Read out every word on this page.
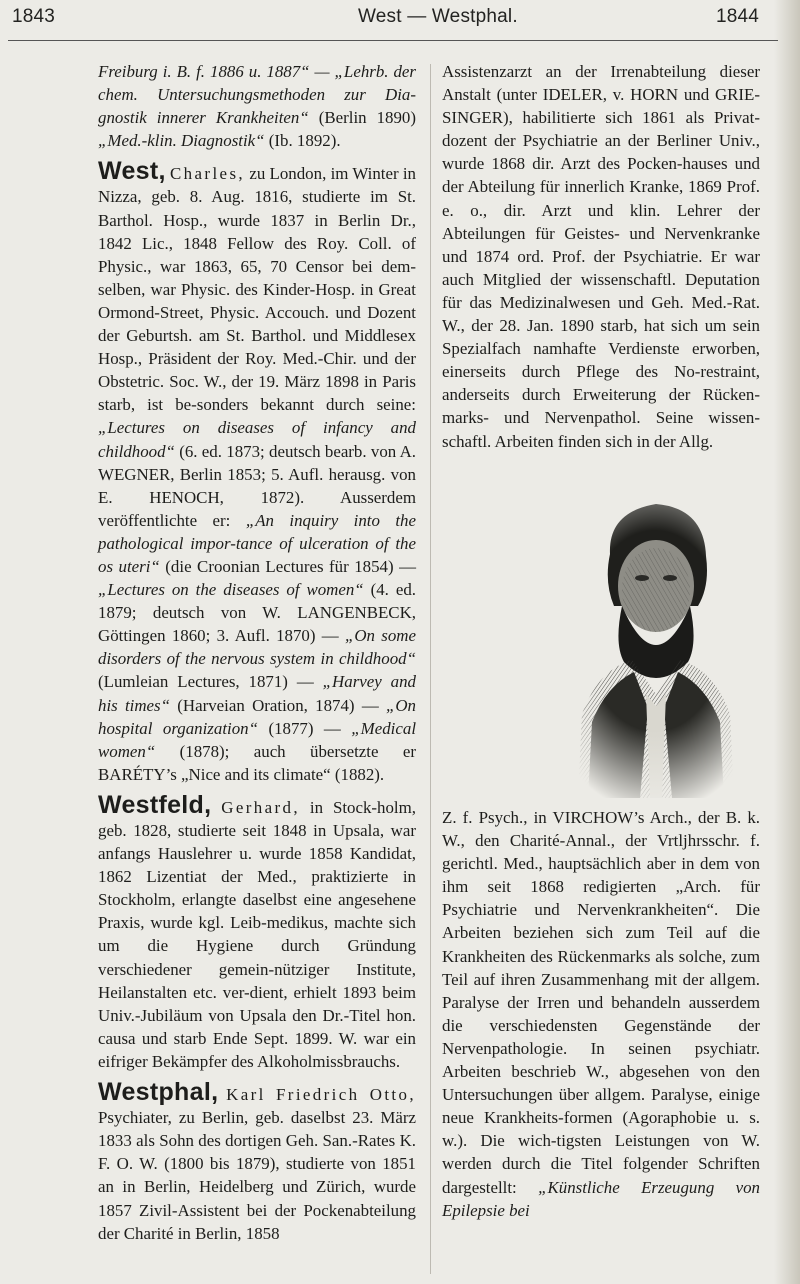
1843	West — Westphal.	1844

Freiburg i. B. f. 1886 u. 1887“ — „Lehrb. der chem. Untersuchungsmethoden zur Dia-gnostik innerer Krankheiten“ (Berlin 1890) „Med.-klin. Diagnostik“ (Ib. 1892).

West, Charles, zu London, im Winter in Nizza, geb. 8. Aug. 1816, studierte im St. Barthol. Hosp., wurde 1837 in Berlin Dr., 1842 Lic., 1848 Fellow des Roy. Coll. of Physic., war 1863, 65, 70 Censor bei dem-selben, war Physic. des Kinder-Hosp. in Great Ormond-Street, Physic. Accouch. und Dozent der Geburtsh. am St. Barthol. und Middlesex Hosp., Präsident der Roy. Med.-Chir. und der Obstetric. Soc. W., der 19. März 1898 in Paris starb, ist be-sonders bekannt durch seine: „Lectures on diseases of infancy and childhood“ (6. ed. 1873; deutsch bearb. von A. WEGNER, Berlin 1853; 5. Aufl. herausg. von E. HENOCH, 1872). Ausserdem veröffentlichte er: „An inquiry into the pathological impor-tance of ulceration of the os uteri“ (die Croonian Lectures für 1854) — „Lectures on the diseases of women“ (4. ed. 1879; deutsch von W. LANGENBECK, Göttingen 1860; 3. Aufl. 1870) — „On some disorders of the nervous system in childhood“ (Lumleian Lectures, 1871) — „Harvey and his times“ (Harveian Oration, 1874) — „On hospital organization“ (1877) — „Medical women“ (1878); auch übersetzte er BARÉTY’s „Nice and its climate“ (1882).

Westfeld, Gerhard, in Stock-holm, geb. 1828, studierte seit 1848 in Upsala, war anfangs Hauslehrer u. wurde 1858 Kandidat, 1862 Lizentiat der Med., praktizierte in Stockholm, erlangte daselbst eine angesehene Praxis, wurde kgl. Leib-medikus, machte sich um die Hygiene durch Gründung verschiedener gemein-nütziger Institute, Heilanstalten etc. ver-dient, erhielt 1893 beim Univ.-Jubiläum von Upsala den Dr.-Titel hon. causa und starb Ende Sept. 1899. W. war ein eifriger Bekämpfer des Alkoholmissbrauchs.

Westphal, Karl Friedrich Otto, Psychiater, zu Berlin, geb. daselbst 23. März 1833 als Sohn des dortigen Geh. San.-Rates K. F. O. W. (1800 bis 1879), studierte von 1851 an in Berlin, Heidelberg und Zürich, wurde 1857 Zivil-Assistent bei der Pockenabteilung der Charité in Berlin, 1858

Assistenzarzt an der Irrenabteilung dieser Anstalt (unter IDELER, v. HORN und GRIE-SINGER), habilitierte sich 1861 als Privat-dozent der Psychiatrie an der Berliner Univ., wurde 1868 dir. Arzt des Pocken-hauses und der Abteilung für innerlich Kranke, 1869 Prof. e. o., dir. Arzt und klin. Lehrer der Abteilungen für Geistes- und Nervenkranke und 1874 ord. Prof. der Psychiatrie. Er war auch Mitglied der wissenschaftl. Deputation für das Medizinalwesen und Geh. Med.-Rat. W., der 28. Jan. 1890 starb, hat sich um sein Spezialfach namhafte Verdienste erworben, einerseits durch Pflege des No-restraint, anderseits durch Erweiterung der Rücken-marks- und Nervenpathol. Seine wissen-schaftl. Arbeiten finden sich in der Allg.

Z. f. Psych., in VIRCHOW’s Arch., der B. k. W., den Charité-Annal., der Vrtljhrsschr. f. gerichtl. Med., hauptsächlich aber in dem von ihm seit 1868 redigierten „Arch. für Psychiatrie und Nervenkrankheiten“. Die Arbeiten beziehen sich zum Teil auf die Krankheiten des Rückenmarks als solche, zum Teil auf ihren Zusammenhang mit der allgem. Paralyse der Irren und behandeln ausserdem die verschiedensten Gegenstände der Nervenpathologie. In seinen psychiatr. Arbeiten beschrieb W., abgesehen von den Untersuchungen über allgem. Paralyse, einige neue Krankheits-formen (Agoraphobie u. s. w.). Die wich-tigsten Leistungen von W. werden durch die Titel folgender Schriften dargestellt: „Künstliche Erzeugung von Epilepsie bei
